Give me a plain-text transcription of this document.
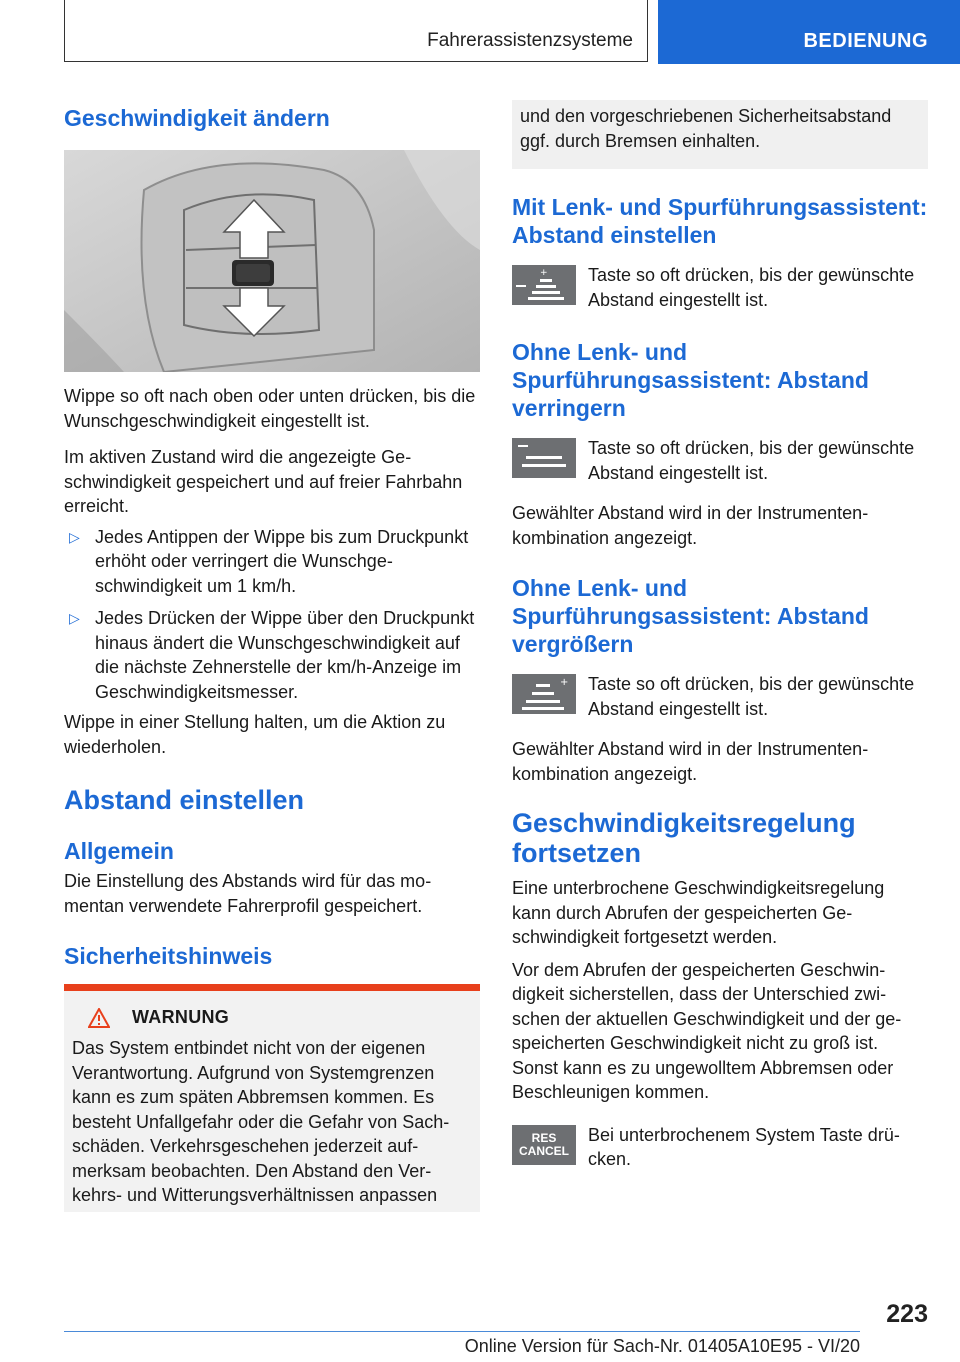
Fahrerassistenzsysteme	BEDIENUNG
Geschwindigkeit ändern

Wippe so oft nach oben oder unten drücken, bis die Wunschgeschwindigkeit eingestellt ist.

Im aktiven Zustand wird die angezeigte Geschwindigkeit gespeichert und auf freier Fahrbahn erreicht.

▷ Jedes Antippen der Wippe bis zum Druckpunkt erhöht oder verringert die Wunschgeschwindigkeit um 1 km/h.
▷ Jedes Drücken der Wippe über den Druckpunkt hinaus ändert die Wunschgeschwindigkeit auf die nächste Zehnerstelle der km/h-Anzeige im Geschwindigkeitsmesser.

Wippe in einer Stellung halten, um die Aktion zu wiederholen.

Abstand einstellen
Allgemein

Die Einstellung des Abstands wird für das momentan verwendete Fahrerprofil gespeichert.

Sicherheitshinweis
WARNUNG
Das System entbindet nicht von der eigenen Verantwortung. Aufgrund von Systemgrenzen kann es zum späten Abbremsen kommen. Es besteht Unfallgefahr oder die Gefahr von Sachschäden. Verkehrsgeschehen jederzeit aufmerksam beobachten. Den Abstand den Verkehrs- und Witterungsverhältnissen anpassen

und den vorgeschriebenen Sicherheitsabstand ggf. durch Bremsen einhalten.

Mit Lenk- und Spurführungsassistent: Abstand einstellen
+ Taste so oft drücken, bis der gewünschte Abstand eingestellt ist.

Ohne Lenk- und Spurführungsassistent: Abstand verringern

Taste so oft drücken, bis der gewünschte Abstand eingestellt ist.

Gewählter Abstand wird in der Instrumentenkombination angezeigt.

Ohne Lenk- und Spurführungsassistent: Abstand vergrößern
+ Taste so oft drücken, bis der gewünschte Abstand eingestellt ist.

Gewählter Abstand wird in der Instrumentenkombination angezeigt.

Geschwindigkeitsregelung fortsetzen

Eine unterbrochene Geschwindigkeitsregelung kann durch Abrufen der gespeicherten Geschwindigkeit fortgesetzt werden.

Vor dem Abrufen der gespeicherten Geschwindigkeit sicherstellen, dass der Unterschied zwischen der aktuellen Geschwindigkeit und der gespeicherten Geschwindigkeit nicht zu groß ist. Sonst kann es zu ungewolltem Abbremsen oder Beschleunigen kommen.

RES
CANCEL

Bei unterbrochenem System Taste drücken.

223
Online Version für Sach-Nr. 01405A10E95 - VI/20
